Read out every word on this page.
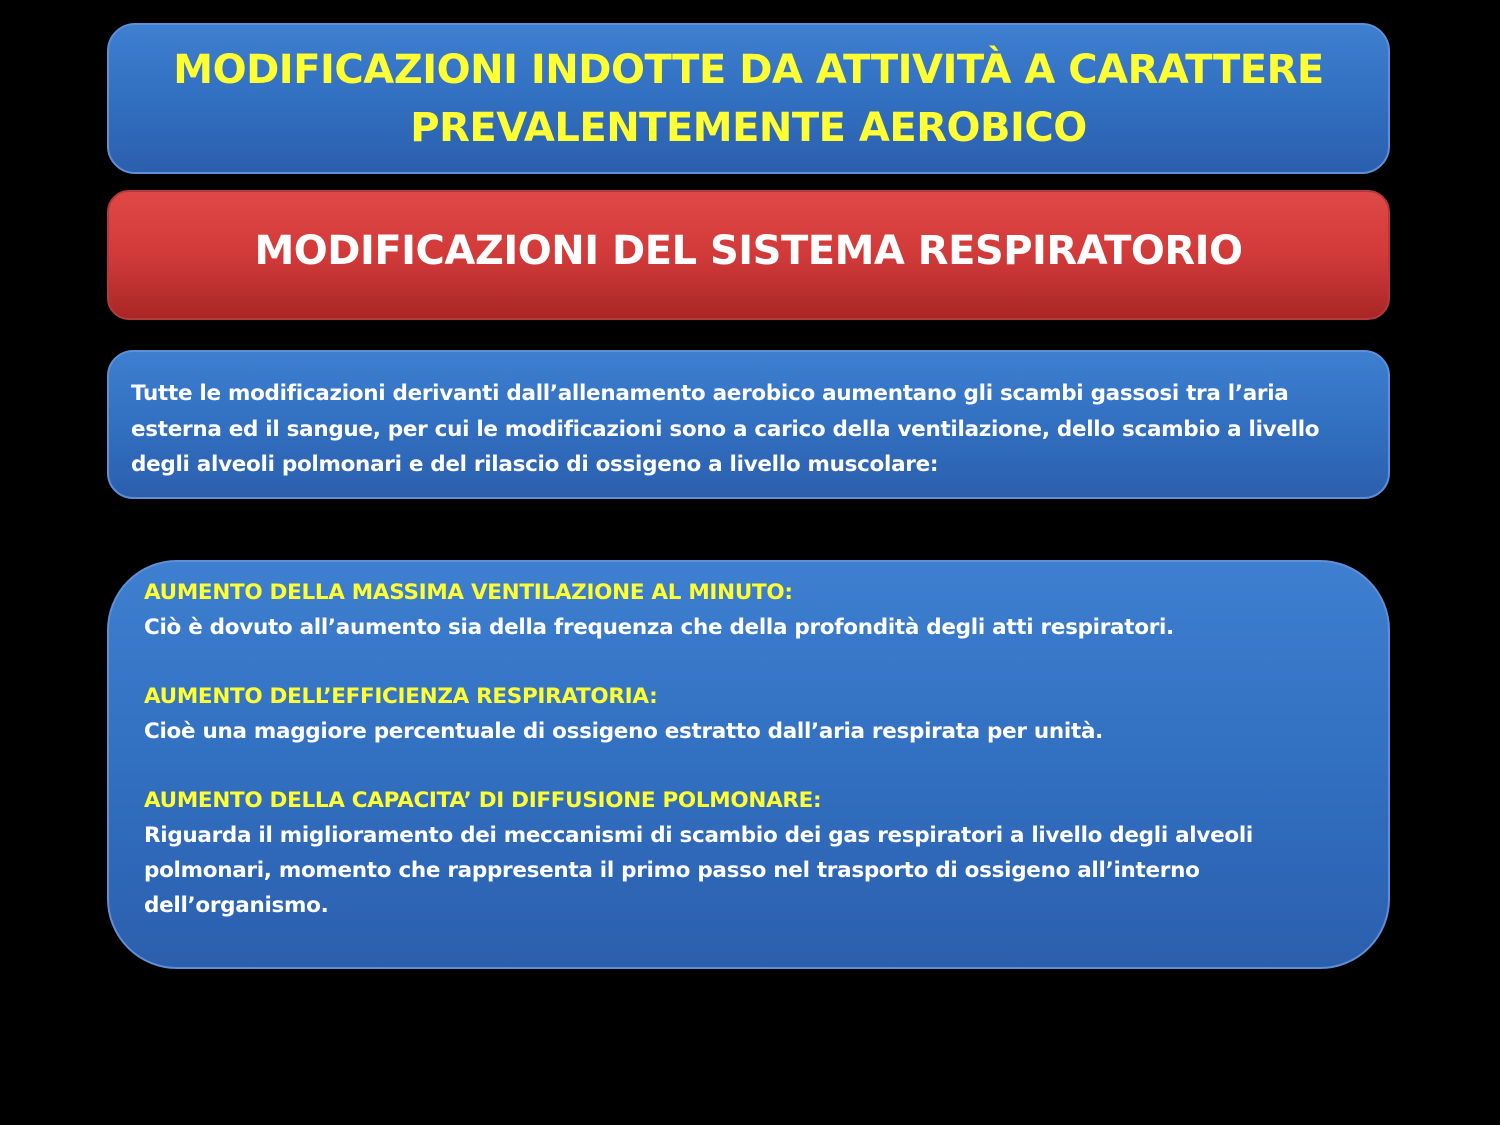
MODIFICAZIONI INDOTTE DA ATTIVITÀ A CARATTERE
PREVALENTEMENTE AEROBICO
MODIFICAZIONI DEL SISTEMA RESPIRATORIO

Tutte le modificazioni derivanti dall’allenamento aerobico aumentano gli scambi gassosi tra l’aria esterna ed il sangue, per cui le modificazioni sono a carico della ventilazione, dello scambio a livello degli alveoli polmonari e del rilascio di ossigeno a livello muscolare:

AUMENTO DELLA MASSIMA VENTILAZIONE AL MINUTO:
Ciò è dovuto all’aumento sia della frequenza che della profondità degli atti respiratori.
AUMENTO DELL’EFFICIENZA RESPIRATORIA:
Cioè una maggiore percentuale di ossigeno estratto dall’aria respirata per unità.
AUMENTO DELLA CAPACITA’ DI DIFFUSIONE POLMONARE:
Riguarda il miglioramento dei meccanismi di scambio dei gas respiratori a livello degli alveoli polmonari, momento che rappresenta il primo passo nel trasporto di ossigeno all’interno dell’organismo.
